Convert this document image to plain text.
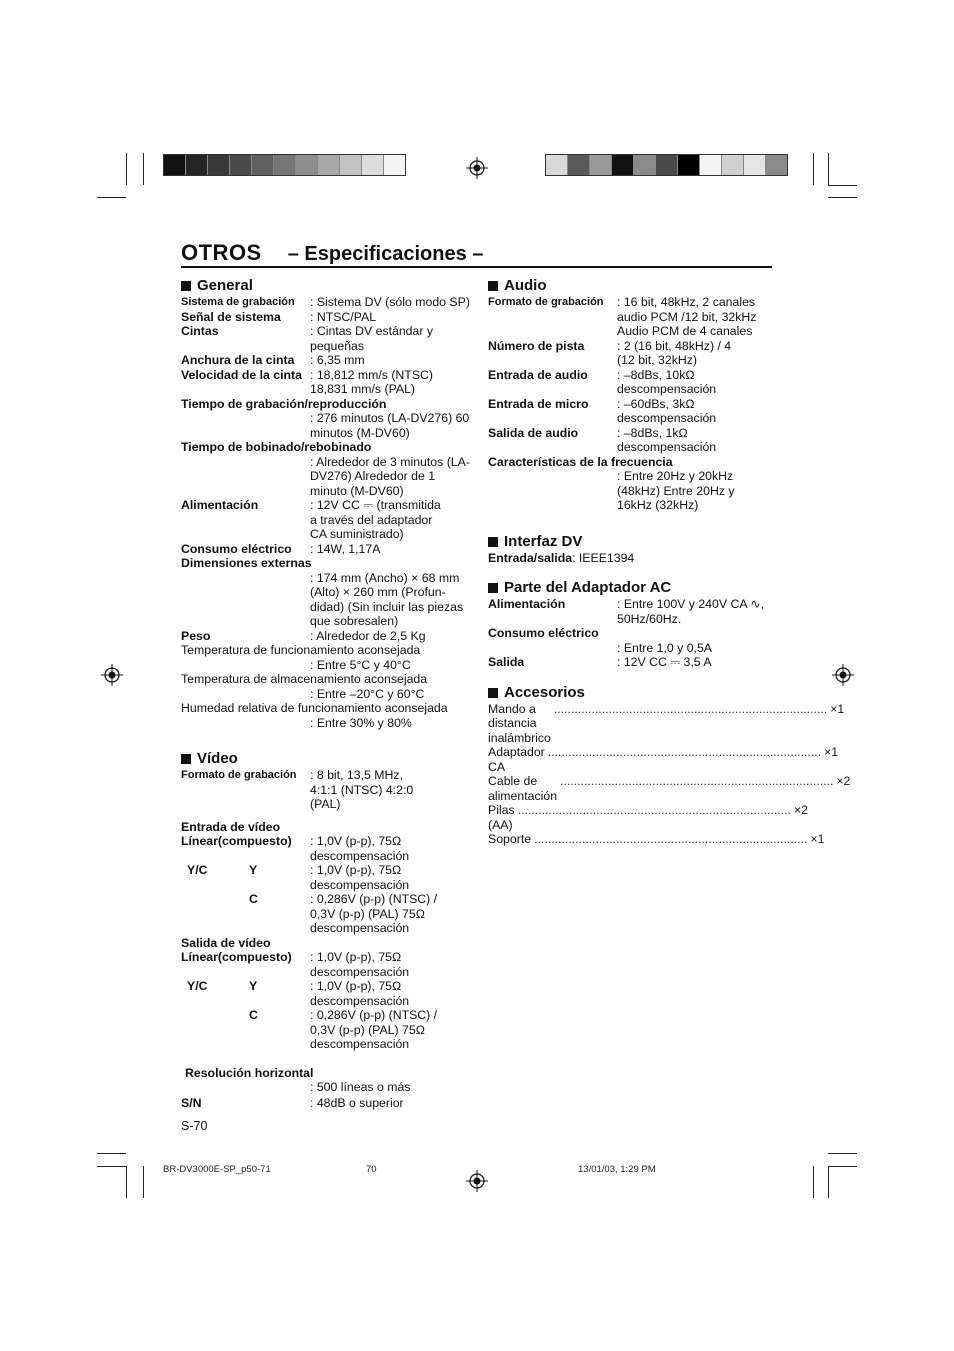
OTROS – Especificaciones –
General
Sistema de grabación	: Sistema DV (sólo modo SP)
Señal de sistema	: NTSC/PAL
Cintas	: Cintas DV estándar y pequeñas
Anchura de la cinta	: 6,35 mm
Velocidad de la cinta : 18,812 mm/s (NTSC) 18,831 mm/s (PAL)
Tiempo de grabación/reproducción
: 276 minutos (LA-DV276) 60 minutos (M-DV60)
Tiempo de bobinado/rebobinado
: Alrededor de 3 minutos (LA-DV276) Alrededor de 1 minuto (M-DV60)
Alimentación	: 12V CC ⎓ (transmitida a través del adaptador CA suministrado)
Consumo eléctrico	: 14W, 1,17A
Dimensiones externas
: 174 mm (Ancho) × 68 mm (Alto) × 260 mm (Profun-didad) (Sin incluir las piezas que sobresalen)
Peso	: Alrededor de 2,5 Kg
Temperatura de funcionamiento aconsejada
: Entre 5°C y 40°C
Temperatura de almacenamiento aconsejada
: Entre –20°C y 60°C
Humedad relativa de funcionamiento aconsejada
: Entre 30% y 80%
Vídeo
Formato de grabación	: 8 bit, 13,5 MHz, 4:1:1 (NTSC) 4:2:0 (PAL)
Entrada de vídeo
Línear(compuesto)	: 1,0V (p-p), 75Ω descompensación
Y/C	Y	: 1,0V (p-p), 75Ω descompensación
C	: 0,286V (p-p) (NTSC) / 0,3V (p-p) (PAL) 75Ω descompensación
Salida de vídeo
Línear(compuesto)	: 1,0V (p-p), 75Ω descompensación
Y/C	Y	: 1,0V (p-p), 75Ω descompensación
C	: 0,286V (p-p) (NTSC) / 0,3V (p-p) (PAL) 75Ω descompensación
Resolución horizontal
: 500 líneas o más
S/N	: 48dB o superior
Audio
Formato de grabación	: 16 bit, 48kHz, 2 canales audio PCM /12 bit, 32kHz Audio PCM de 4 canales
Número de pista	: 2 (16 bit, 48kHz) / 4 (12 bit, 32kHz)
Entrada de audio	: –8dBs, 10kΩ descompensación
Entrada de micro	: –60dBs, 3kΩ descompensación
Salida de audio	: –8dBs, 1kΩ descompensación
Características de la frecuencia
: Entre 20Hz y 20kHz (48kHz) Entre 20Hz y 16kHz (32kHz)
Interfaz DV
Entrada/salida: IEEE1394
Parte del Adaptador AC
Alimentación	: Entre 100V y 240V CA ∿, 50Hz/60Hz.
Consumo eléctrico
: Entre 1,0 y 0,5A
Salida	: 12V CC ⎓ 3,5 A
Accesorios
Mando a distancia inalámbrico
................................................................................ ×1
Adaptador CA
................................................................................ ×1
Cable de alimentación
................................................................................ ×2
Pilas (AA)
................................................................................ ×2
Soporte ................................................................................ ×1
S-70
BR-DV3000E-SP_p50-71	70	13/01/03, 1:29 PM
